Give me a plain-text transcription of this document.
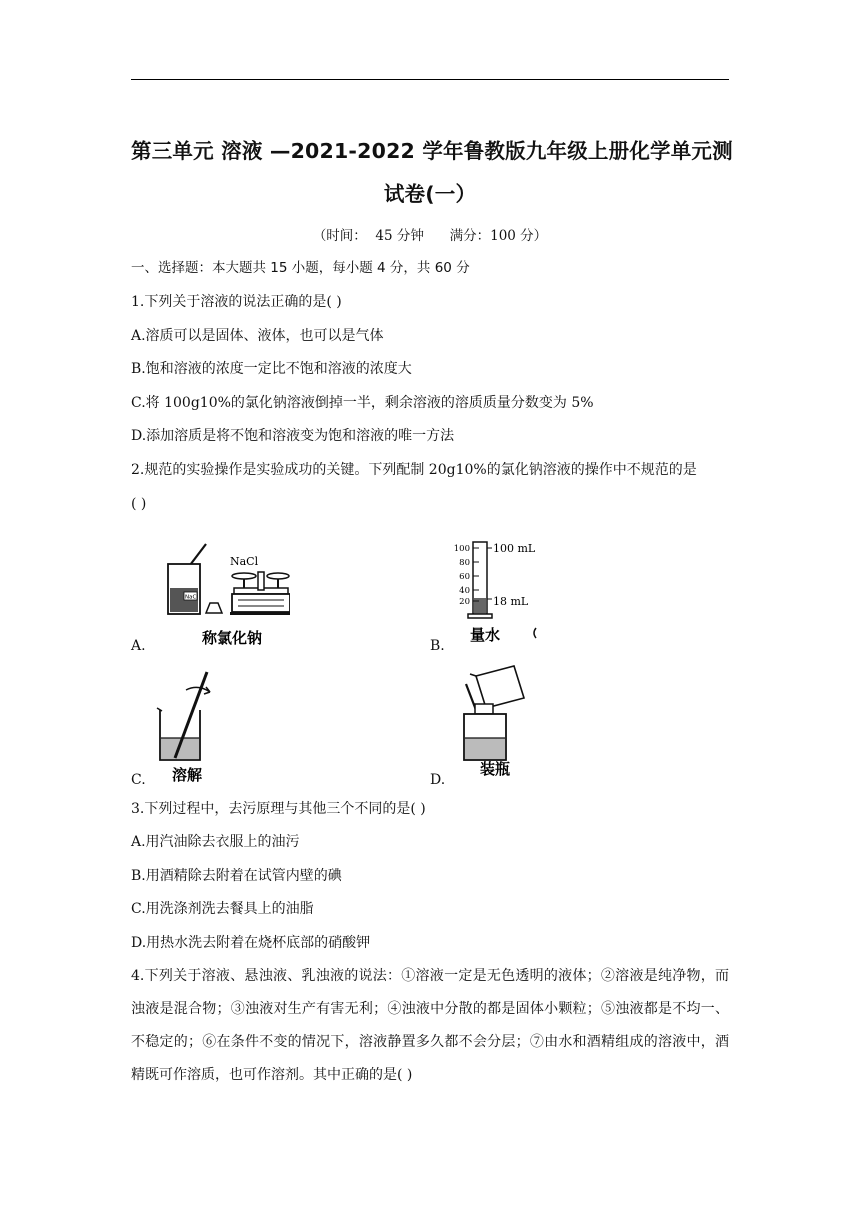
第三单元 溶液 —2021-2022 学年鲁教版九年级上册化学单元测
试卷(一）
（时间：  45 分钟      满分：100 分）
一、选择题：本大题共 15 小题，每小题 4 分，共 60 分
1.下列关于溶液的说法正确的是( )
A.溶质可以是固体、液体，也可以是气体
B.饱和溶液的浓度一定比不饱和溶液的浓度大
C.将 100g10%的氯化钠溶液倒掉一半，剩余溶液的溶质质量分数变为 5%
D.添加溶质是将不饱和溶液变为饱和溶液的唯一方法
2.规范的实验操作是实验成功的关键。下列配制 20g10%的氯化钠溶液的操作中不规范的是
( )
NaCl
NaCl
称氯化钠
A.
100
80
60
40
20
100 mL
18 mL
量水
B.
溶解
C.
装瓶
D.
3.下列过程中，去污原理与其他三个不同的是( )
A.用汽油除去衣服上的油污
B.用酒精除去附着在试管内壁的碘
C.用洗涤剂洗去餐具上的油脂
D.用热水洗去附着在烧杯底部的硝酸钾
4.下列关于溶液、悬浊液、乳浊液的说法：①溶液一定是无色透明的液体；②溶液是纯净物，而浊液是混合物；③浊液对生产有害无利；④浊液中分散的都是固体小颗粒；⑤浊液都是不均一、不稳定的；⑥在条件不变的情况下，溶液静置多久都不会分层；⑦由水和酒精组成的溶液中，酒精既可作溶质，也可作溶剂。其中正确的是( )
